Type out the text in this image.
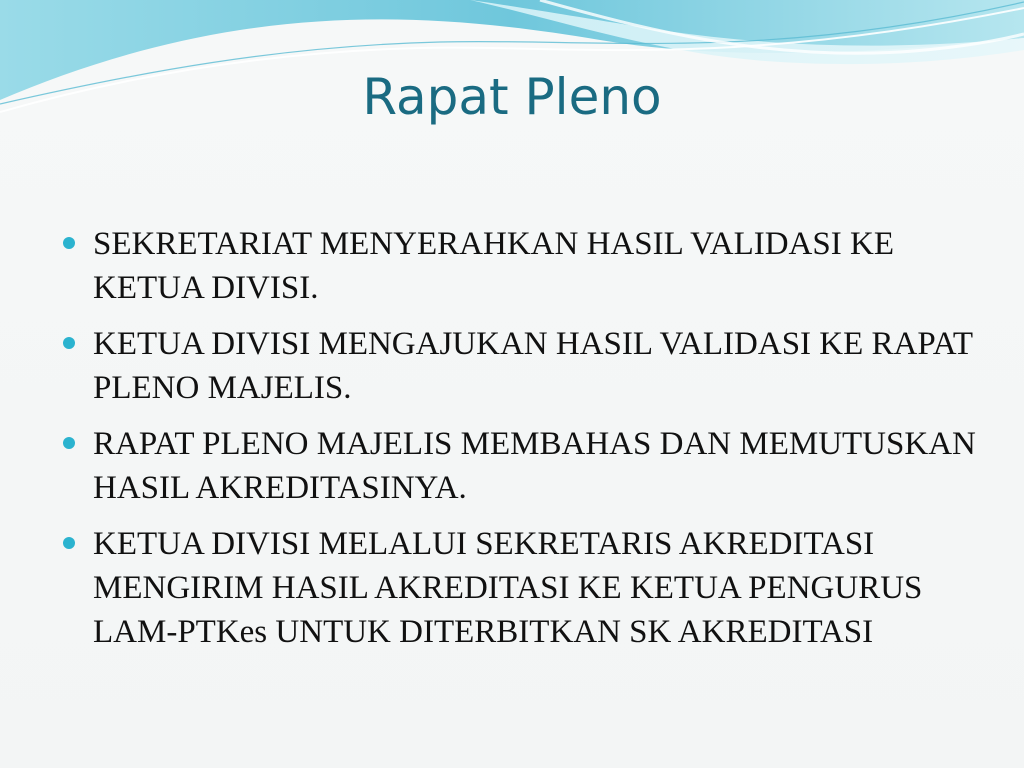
Rapat Pleno
SEKRETARIAT MENYERAHKAN HASIL VALIDASI KE KETUA DIVISI.
KETUA DIVISI MENGAJUKAN HASIL VALIDASI KE RAPAT PLENO MAJELIS.
RAPAT PLENO MAJELIS MEMBAHAS DAN MEMUTUSKAN HASIL AKREDITASINYA.
KETUA DIVISI MELALUI SEKRETARIS AKREDITASI MENGIRIM HASIL AKREDITASI KE KETUA PENGURUS LAM-PTKes UNTUK DITERBITKAN SK AKREDITASI
